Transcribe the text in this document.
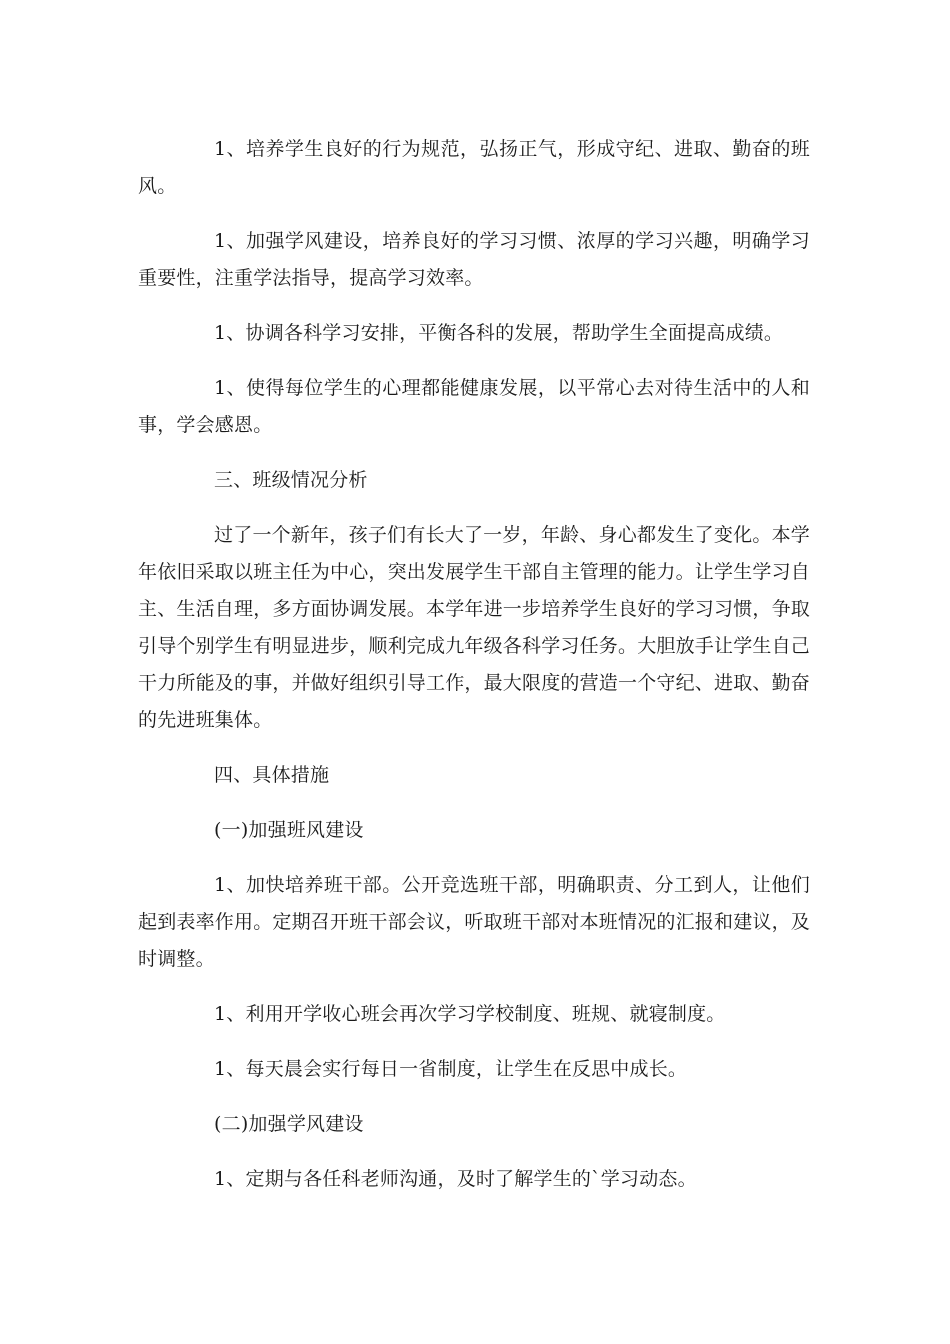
1、培养学生良好的行为规范，弘扬正气，形成守纪、进取、勤奋的班风。

1、加强学风建设，培养良好的学习习惯、浓厚的学习兴趣，明确学习重要性，注重学法指导，提高学习效率。

1、协调各科学习安排，平衡各科的发展，帮助学生全面提高成绩。

1、使得每位学生的心理都能健康发展，以平常心去对待生活中的人和事，学会感恩。

三、班级情况分析

过了一个新年，孩子们有长大了一岁，年龄、身心都发生了变化。本学年依旧采取以班主任为中心，突出发展学生干部自主管理的能力。让学生学习自主、生活自理，多方面协调发展。本学年进一步培养学生良好的学习习惯，争取引导个别学生有明显进步，顺利完成九年级各科学习任务。大胆放手让学生自己干力所能及的事，并做好组织引导工作，最大限度的营造一个守纪、进取、勤奋的先进班集体。

四、具体措施

(一)加强班风建设

1、加快培养班干部。公开竞选班干部，明确职责、分工到人，让他们起到表率作用。定期召开班干部会议，听取班干部对本班情况的汇报和建议，及时调整。

1、利用开学收心班会再次学习学校制度、班规、就寝制度。

1、每天晨会实行每日一省制度，让学生在反思中成长。

(二)加强学风建设

1、定期与各任科老师沟通，及时了解学生的`学习动态。
